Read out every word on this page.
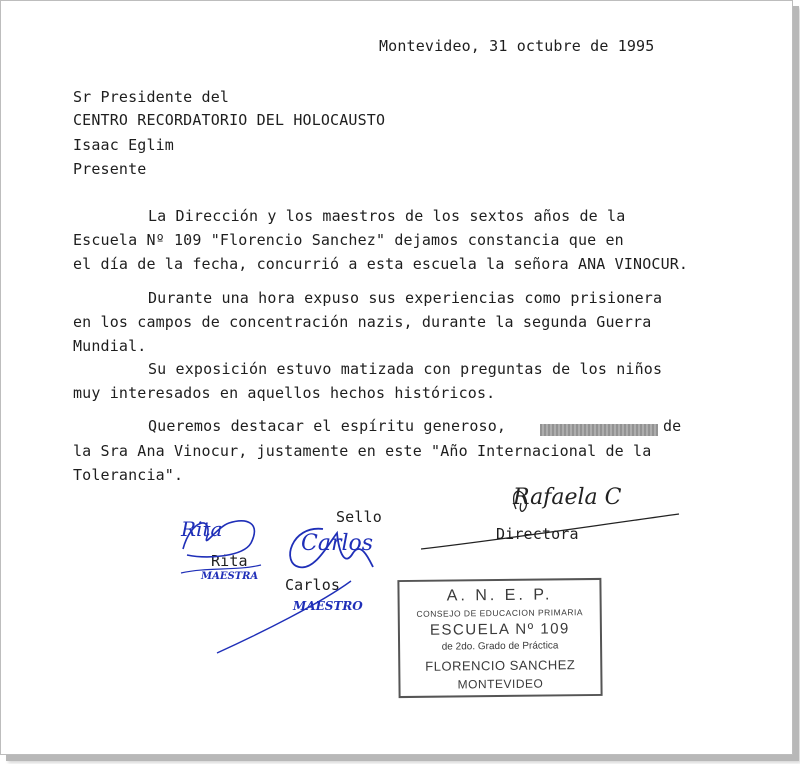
Montevideo, 31 octubre de 1995
Sr Presidente del
CENTRO RECORDATORIO DEL HOLOCAUSTO
Isaac Eglim
Presente
La Dirección y los maestros de los sextos años de la
Escuela Nº 109 "Florencio Sanchez" dejamos constancia que en
el día de la fecha, concurrió a esta escuela la señora ANA VINOCUR.
Durante una hora expuso sus experiencias como prisionera
en los campos de concentración nazis, durante la segunda Guerra
Mundial.
Su exposición estuvo matizada con preguntas de los niños
muy interesados en aquellos hechos históricos.
Queremos destacar el espíritu generoso,	de
la Sra Ana Vinocur, justamente en este "Año Internacional de la
Tolerancia".
Sello
Directora
Rita
Carlos
Rafaela C
Rita
MAESTRA
Carlos
MAESTRO
A. N. E. P.
CONSEJO DE EDUCACION PRIMARIA
ESCUELA Nº 109
de 2do. Grado de Práctica
FLORENCIO SANCHEZ
MONTEVIDEO
